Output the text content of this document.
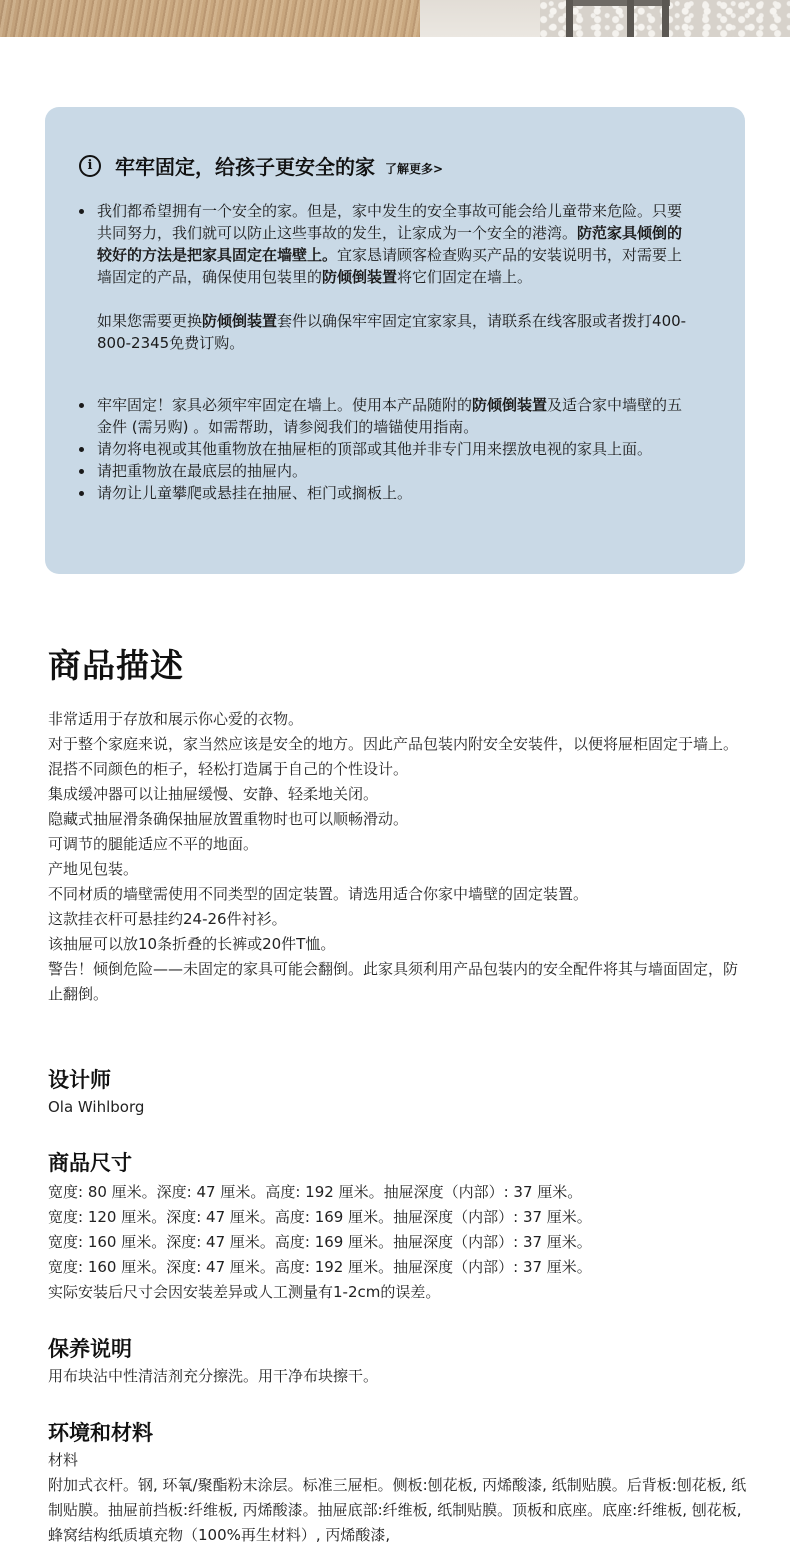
i	牢牢固定，给孩子更安全的家 了解更多>
我们都希望拥有一个安全的家。但是，家中发生的安全事故可能会给儿童带来危险。只要共同努力，我们就可以防止这些事故的发生，让家成为一个安全的港湾。防范家具倾倒的较好的方法是把家具固定在墙壁上。宜家恳请顾客检查购买产品的安装说明书，对需要上墙固定的产品，确保使用包装里的防倾倒装置将它们固定在墙上。
如果您需要更换防倾倒装置套件以确保牢牢固定宜家家具，请联系在线客服或者拨打400-800-2345免费订购。
牢牢固定！家具必须牢牢固定在墙上。使用本产品随附的防倾倒装置及适合家中墙壁的五金件 (需另购) 。如需帮助，请参阅我们的墙锚使用指南。
请勿将电视或其他重物放在抽屉柜的顶部或其他并非专门用来摆放电视的家具上面。
请把重物放在最底层的抽屉内。
请勿让儿童攀爬或悬挂在抽屉、柜门或搁板上。
商品描述
非常适用于存放和展示你心爱的衣物。
对于整个家庭来说，家当然应该是安全的地方。因此产品包装内附安全安装件，以便将屉柜固定于墙上。
混搭不同颜色的柜子，轻松打造属于自己的个性设计。
集成缓冲器可以让抽屉缓慢、安静、轻柔地关闭。
隐藏式抽屉滑条确保抽屉放置重物时也可以顺畅滑动。
可调节的腿能适应不平的地面。
产地见包装。
不同材质的墙壁需使用不同类型的固定装置。请选用适合你家中墙壁的固定装置。
这款挂衣杆可悬挂约24-26件衬衫。
该抽屉可以放10条折叠的长裤或20件T恤。
警告！倾倒危险——未固定的家具可能会翻倒。此家具须利用产品包装内的安全配件将其与墙面固定，防止翻倒。
设计师
Ola Wihlborg
商品尺寸
宽度: 80 厘米。深度: 47 厘米。高度: 192 厘米。抽屉深度（内部）: 37 厘米。
宽度: 120 厘米。深度: 47 厘米。高度: 169 厘米。抽屉深度（内部）: 37 厘米。
宽度: 160 厘米。深度: 47 厘米。高度: 169 厘米。抽屉深度（内部）: 37 厘米。
宽度: 160 厘米。深度: 47 厘米。高度: 192 厘米。抽屉深度（内部）: 37 厘米。
实际安装后尺寸会因安装差异或人工测量有1-2cm的误差。
保养说明
用布块沾中性清洁剂充分擦洗。用干净布块擦干。
环境和材料
材料
附加式衣杆。钢, 环氧/聚酯粉末涂层。标准三屉柜。侧板:刨花板, 丙烯酸漆, 纸制贴膜。后背板:刨花板, 纸制贴膜。抽屉前挡板:纤维板, 丙烯酸漆。抽屉底部:纤维板, 纸制贴膜。顶板和底座。底座:纤维板, 刨花板, 蜂窝结构纸质填充物（100%再生材料）, 丙烯酸漆,
